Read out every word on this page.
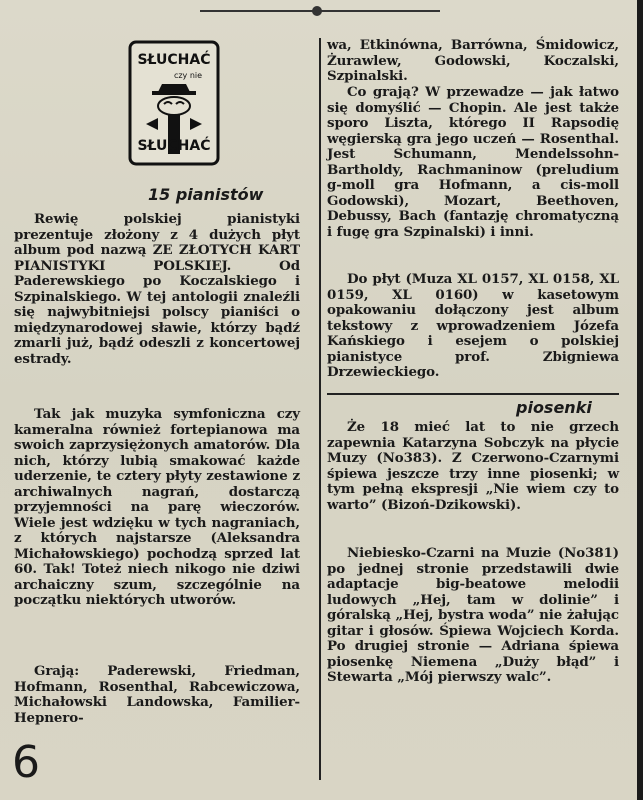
SŁUCHAĆ
czy nie
SŁUCHAĆ
15 pianistów

Rewię polskiej pianistyki prezentuje złożony z 4 dużych płyt album pod nazwą ZE ZŁOTYCH KART PIANISTYKI POLSKIEJ. Od Paderewskiego po Koczalskiego i Szpinalskiego. W tej antologii znaleźli się najwybitniejsi polscy pianiści o międzynarodowej sławie, którzy bądź zmarli już, bądź odeszli z koncertowej estrady.

Tak jak muzyka symfoniczna czy kameralna również fortepianowa ma swoich zaprzysiężonych amatorów. Dla nich, którzy lubią smakować każde uderzenie, te cztery płyty zestawione z archiwalnych nagrań, dostarczą przyjemności na parę wieczorów. Wiele jest wdzięku w tych nagraniach, z których najstarsze (Aleksandra Michałowskiego) pochodzą sprzed lat 60. Tak! Toteż niech nikogo nie dziwi archaiczny szum, szczególnie na początku niektórych utworów.

Grają: Paderewski, Friedman, Hofmann, Rosenthal, Rabcewiczowa, Michałowski Landowska, Familier-Hepnero-

6

wa, Etkinówna, Barrówna, Śmidowicz, Żurawlew, Godowski, Koczalski, Szpinalski.

Co grają? W przewadze — jak łatwo się domyślić — Chopin. Ale jest także sporo Liszta, którego II Rapsodię węgierską gra jego uczeń — Rosenthal. Jest Schumann, Mendelssohn-Bartholdy, Rachmaninow (preludium g-moll gra Hofmann, a cis-moll Godowski), Mozart, Beethoven, Debussy, Bach (fantazję chromatyczną i fugę gra Szpinalski) i inni.

Do płyt (Muza XL 0157, XL 0158, XL 0159, XL 0160) w kasetowym opakowaniu dołączony jest album tekstowy z wprowadzeniem Józefa Kańskiego i esejem o polskiej pianistyce prof. Zbigniewa Drzewieckiego.

piosenki

Że 18 mieć lat to nie grzech zapewnia Katarzyna Sobczyk na płycie Muzy (No383). Z Czerwono-Czarnymi śpiewa jeszcze trzy inne piosenki; w tym pełną ekspresji „Nie wiem czy to warto” (Bizoń-Dzikowski).

Niebiesko-Czarni na Muzie (No381) po jednej stronie przedstawili dwie adaptacje big-beatowe melodii ludowych „Hej, tam w dolinie” i góralską „Hej, bystra woda” nie żałując gitar i głosów. Śpiewa Wojciech Korda. Po drugiej stronie — Adriana śpiewa piosenkę Niemena „Duży błąd” i Stewarta „Mój pierwszy walc”.
